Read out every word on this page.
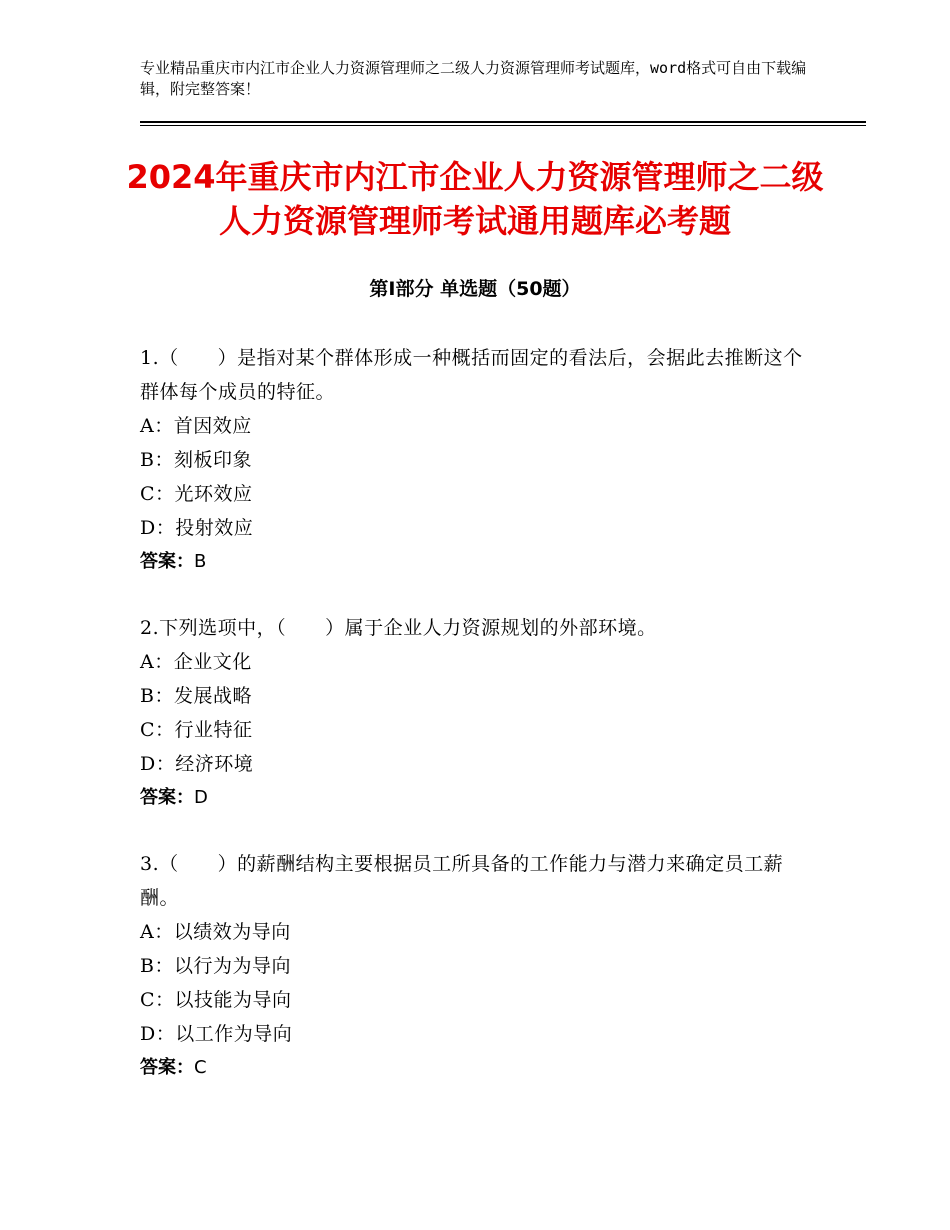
专业精品重庆市内江市企业人力资源管理师之二级人力资源管理师考试题库，word格式可自由下载编辑，附完整答案！
2024年重庆市内江市企业人力资源管理师之二级人力资源管理师考试通用题库必考题
第Ⅰ部分 单选题（50题）
1.（　　）是指对某个群体形成一种概括而固定的看法后，会据此去推断这个群体每个成员的特征。
A：首因效应
B：刻板印象
C：光环效应
D：投射效应
答案：B
2.下列选项中，（　　）属于企业人力资源规划的外部环境。
A：企业文化
B：发展战略
C：行业特征
D：经济环境
答案：D
3.（　　）的薪酬结构主要根据员工所具备的工作能力与潜力来确定员工薪酬。
A：以绩效为导向
B：以行为为导向
C：以技能为导向
D：以工作为导向
答案：C
